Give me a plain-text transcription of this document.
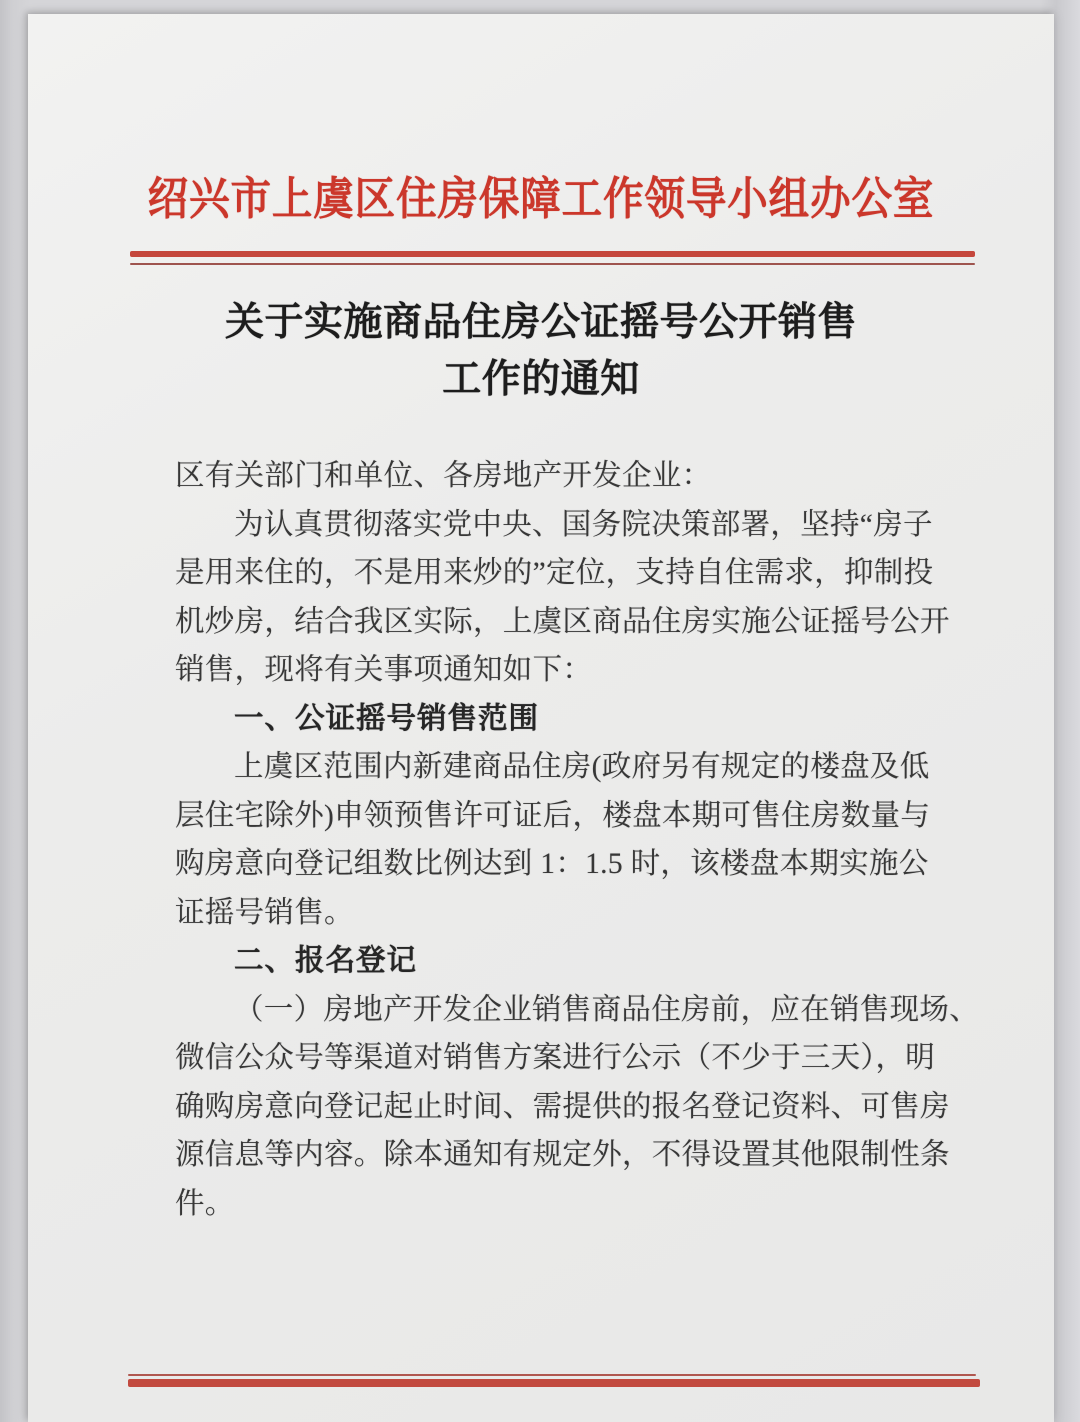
绍兴市上虞区住房保障工作领导小组办公室
关于实施商品住房公证摇号公开销售
工作的通知
区有关部门和单位、各房地产开发企业：
为认真贯彻落实党中央、国务院决策部署，坚持“房子
是用来住的，不是用来炒的”定位，支持自住需求，抑制投
机炒房，结合我区实际，上虞区商品住房实施公证摇号公开
销售，现将有关事项通知如下：
一、公证摇号销售范围
上虞区范围内新建商品住房(政府另有规定的楼盘及低
层住宅除外)申领预售许可证后，楼盘本期可售住房数量与
购房意向登记组数比例达到 1：1.5 时，该楼盘本期实施公
证摇号销售。
二、报名登记
（一）房地产开发企业销售商品住房前，应在销售现场、
微信公众号等渠道对销售方案进行公示（不少于三天），明
确购房意向登记起止时间、需提供的报名登记资料、可售房
源信息等内容。除本通知有规定外，不得设置其他限制性条
件。
